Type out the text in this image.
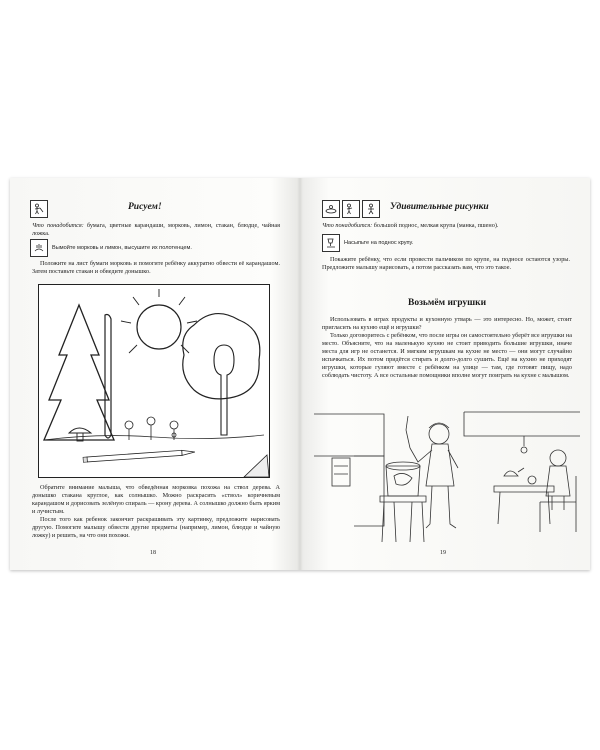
Рисуем!
Что понадобится: бумага, цветные карандаши, морковь, лимон, стакан, блюдце, чайная ложка.
Вымойте морковь и лимон, высушите их полотенцем.

Положите на лист бумаги морковь и помогите ребёнку аккуратно обвести её карандашом. Затем поставьте стакан и обведите донышко.

Обратите внимание малыша, что обведённая морковка похожа на ствол дерева. А донышко стакана круглое, как солнышко. Можно раскрасить «ствол» коричневым карандашом и дорисовать зелёную спираль — крону дерева. А солнышко должно быть ярким и лучистым.

После того как ребенок закончит раскрашивать эту картинку, предложите нарисовать другую. Помогите малышу обвести другие предметы (например, лимон, блюдце и чайную ложку) и решить, на что они похожи.

18
Удивительные рисунки
Что понадобится: большой поднос, мелкая крупа (манка, пшено).
Насыпьте на поднос крупу.

Покажите ребёнку, что если провести пальчиком по крупе, на подносе остаются узоры. Предложите малышу нарисовать, а потом рассказать вам, что это такое.

Возьмём игрушки

Использовать в играх продукты и кухонную утварь — это интересно. Но, может, стоит пригласить на кухню ещё и игрушки?

Только договоритесь с ребёнком, что после игры он самостоятельно уберёт все игрушки на место. Объясните, что на маленькую кухню не стоит приводить большие игрушки, иначе места для игр не останется. И мягким игрушкам на кухне не место — они могут случайно испачкаться. Их потом придётся стирать и долго-долго сушить. Ещё на кухню не приходят игрушки, которые гуляют вместе с ребёнком на улице — там, где готовят пищу, надо соблюдать чистоту. А все остальные помощники вполне могут поиграть на кухне с малышом.

19
